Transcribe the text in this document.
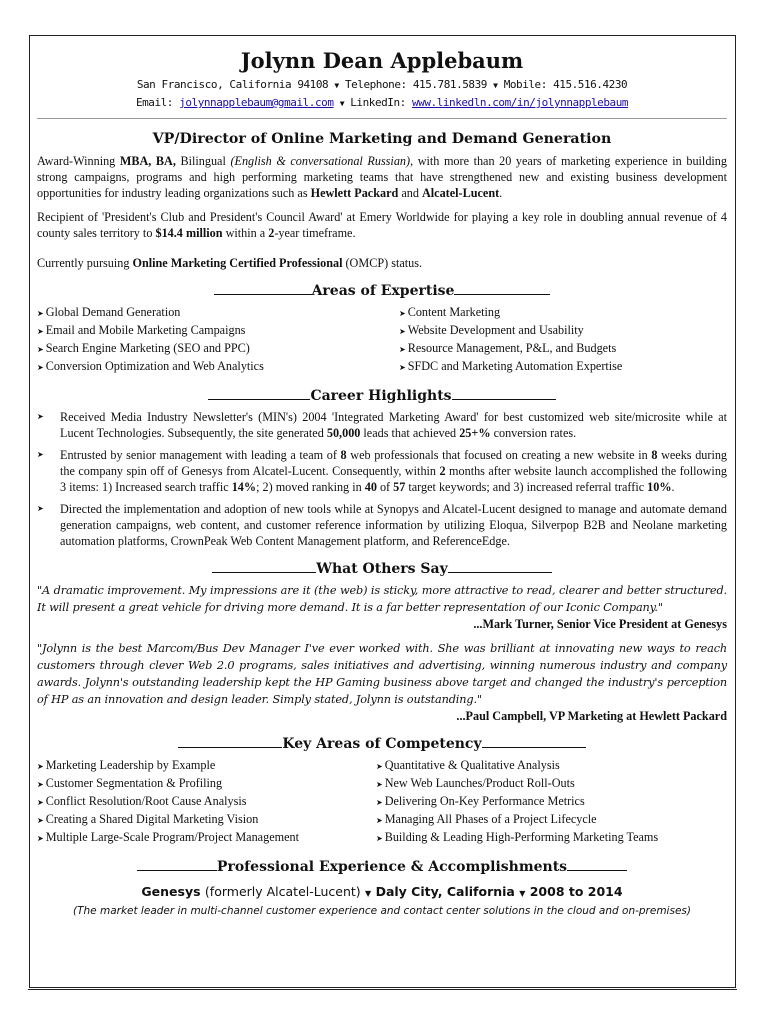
Jolynn Dean Applebaum
San Francisco, California 94108 ▼ Telephone: 415.781.5839 ▼ Mobile: 415.516.4230
Email: jolynnapplebaum@gmail.com ▼ LinkedIn: www.linkedln.com/in/jolynnapplebaum
VP/Director of Online Marketing and Demand Generation

Award-Winning MBA, BA, Bilingual (English & conversational Russian), with more than 20 years of marketing experience in building strong campaigns, programs and high performing marketing teams that have strengthened new and existing business development opportunities for industry leading organizations such as Hewlett Packard and Alcatel-Lucent.

Recipient of 'President's Club and President's Council Award' at Emery Worldwide for playing a key role in doubling annual revenue of 4 county sales territory to $14.4 million within a 2-year timeframe.

Currently pursuing Online Marketing Certified Professional (OMCP) status.

Areas of Expertise
➤ Global Demand Generation
➤ Email and Mobile Marketing Campaigns
➤ Search Engine Marketing (SEO and PPC)
➤ Conversion Optimization and Web Analytics
➤ Content Marketing
➤ Website Development and Usability
➤ Resource Management, P&L, and Budgets
➤ SFDC and Marketing Automation Expertise
Career Highlights
➤	Received Media Industry Newsletter's (MIN's) 2004 'Integrated Marketing Award' for best customized web site/microsite while at Lucent Technologies. Subsequently, the site generated 50,000 leads that achieved 25+% conversion rates.
➤	Entrusted by senior management with leading a team of 8 web professionals that focused on creating a new website in 8 weeks during the company spin off of Genesys from Alcatel-Lucent. Consequently, within 2 months after website launch accomplished the following 3 items: 1) Increased search traffic 14%; 2) moved ranking in 40 of 57 target keywords; and 3) increased referral traffic 10%.
➤	Directed the implementation and adoption of new tools while at Synopys and Alcatel-Lucent designed to manage and automate demand generation campaigns, web content, and customer reference information by utilizing Eloqua, Silverpop B2B and Neolane marketing automation platforms, CrownPeak Web Content Management platform, and ReferenceEdge.
What Others Say
"A dramatic improvement. My impressions are it (the web) is sticky, more attractive to read, clearer and better structured. It will present a great vehicle for driving more demand. It is a far better representation of our Iconic Company."
...Mark Turner, Senior Vice President at Genesys
"Jolynn is the best Marcom/Bus Dev Manager I've ever worked with. She was brilliant at innovating new ways to reach customers through clever Web 2.0 programs, sales initiatives and advertising, winning numerous industry and company awards. Jolynn's outstanding leadership kept the HP Gaming business above target and changed the industry's perception of HP as an innovation and design leader. Simply stated, Jolynn is outstanding."
...Paul Campbell, VP Marketing at Hewlett Packard
Key Areas of Competency
➤ Marketing Leadership by Example
➤ Customer Segmentation & Profiling
➤ Conflict Resolution/Root Cause Analysis
➤ Creating a Shared Digital Marketing Vision
➤ Multiple Large-Scale Program/Project Management
➤ Quantitative & Qualitative Analysis
➤ New Web Launches/Product Roll-Outs
➤ Delivering On-Key Performance Metrics
➤ Managing All Phases of a Project Lifecycle
➤ Building & Leading High-Performing Marketing Teams
Professional Experience & Accomplishments
Genesys (formerly Alcatel-Lucent) ▼ Daly City, California ▼ 2008 to 2014
(The market leader in multi-channel customer experience and contact center solutions in the cloud and on-premises)
